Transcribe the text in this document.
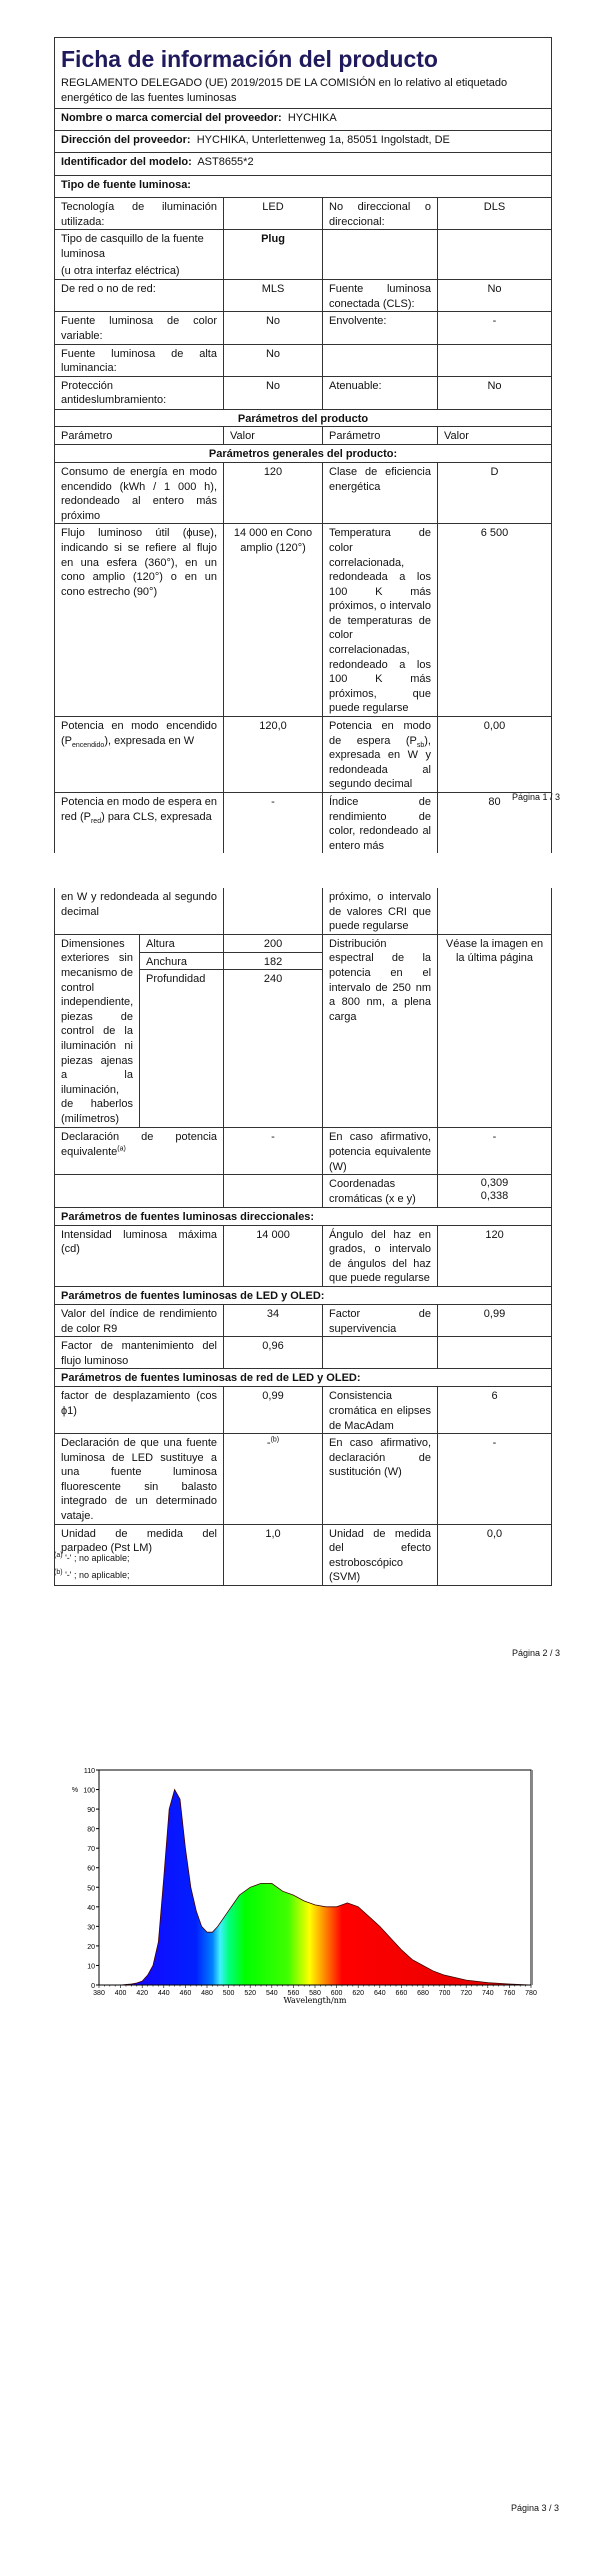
Ficha de información del producto
REGLAMENTO DELEGADO (UE) 2019/2015 DE LA COMISIÓN en lo relativo al etiquetado energético de las fuentes luminosas			

Nombre o marca comercial del proveedor: HYCHIKA			
Dirección del proveedor: HYCHIKA, Unterlettenweg 1a, 85051 Ingolstadt, DE			
Identificador del modelo: AST8655*2			
Tipo de fuente luminosa:			
Tecnología de iluminación utilizada:	LED	No direccional o direccional:	DLS

Tipo de casquillo de la fuente luminosa
(u otra interfaz eléctrica)	Plug		
De red o no de red:	MLS	Fuente luminosa conectada (CLS):	No
Fuente luminosa de color variable:	No	Envolvente:	-
Fuente luminosa de alta luminancia:	No		
Protección antideslumbramiento:	No	Atenuable:	No
Parámetros del producto			
Parámetro	Valor	Parámetro	Valor
Parámetros generales del producto:			
Consumo de energía en modo encendido (kWh / 1 000 h), redondeado al entero más próximo	120	Clase de eficiencia energética	D
Flujo luminoso útil (ϕuse), indicando si se refiere al flujo en una esfera (360°), en un cono amplio (120°) o en un cono estrecho (90°)	14 000 en Cono amplio (120°)	Temperatura de color correlacionada, redondeada a los 100 K más próximos, o intervalo de temperaturas de color correlacionadas, redondeado a los 100 K más próximos, que puede regularse	6 500
Potencia en modo encendido $(P_{encendido})$, expresada en W	120,0	Potencia en modo de espera $(P_{sb})$, expresada en W y redondeada al segundo decimal	0,00
Potencia en modo de espera en red $(P_{red})$ para CLS, expresada	-	Índice de rendimiento de color, redondeado al entero más	80 Página 1 / 3
en W y redondeada al segundo decimal			próximo, o intervalo de valores CRI que puede regularse	
Dimensiones exteriores sin mecanismo de control independiente, piezas de control de la iluminación ni piezas ajenas a la iluminación, de haberlos (milímetros)	Altura	200	Distribución espectral de la potencia en el intervalo de 250 nm a 800 nm, a plena carga	Véase la imagen en la última página
	Anchura	182		
	Profundidad	240		
Declaración de potencia equivalente$^{(a)}$		-	En caso afirmativo, potencia equivalente (W)	-
			Coordenadas cromáticas (x e y)	0,309
0,338

Parámetros de fuentes luminosas direccionales:				
Intensidad luminosa máxima (cd)		14 000	Ángulo del haz en grados, o intervalo de ángulos del haz que puede regularse	120
Parámetros de fuentes luminosas de LED y OLED:				
Valor del índice de rendimiento de color R9		34	Factor de supervivencia	0,99
Factor de mantenimiento del flujo luminoso		0,96		
Parámetros de fuentes luminosas de red de LED y OLED:				
factor de desplazamiento (cos ϕ1)		0,99	Consistencia cromática en elipses de MacAdam	6
Declaración de que una fuente luminosa de LED sustituye a una fuente luminosa fluorescente sin balasto integrado de un determinado vataje.		-$^{(b)}$	En caso afirmativo, declaración de sustitución (W)	-
Unidad de medida del parpadeo (Pst LM)		1,0	Unidad de medida del efecto estroboscópico (SVM)	0,0
$^{(a)}$ '-' ; no aplicable;
$^{(b)}$ '-' ; no aplicable;
Página 2 / 3
0
10
20
30
40
50
60
70
80
90
100
110
380 400 420 440 460 480 500 520 540 560 580 600 620 640 660 680 700 720 740 760 780
Wavelength/nm
%
Página 3 / 3
